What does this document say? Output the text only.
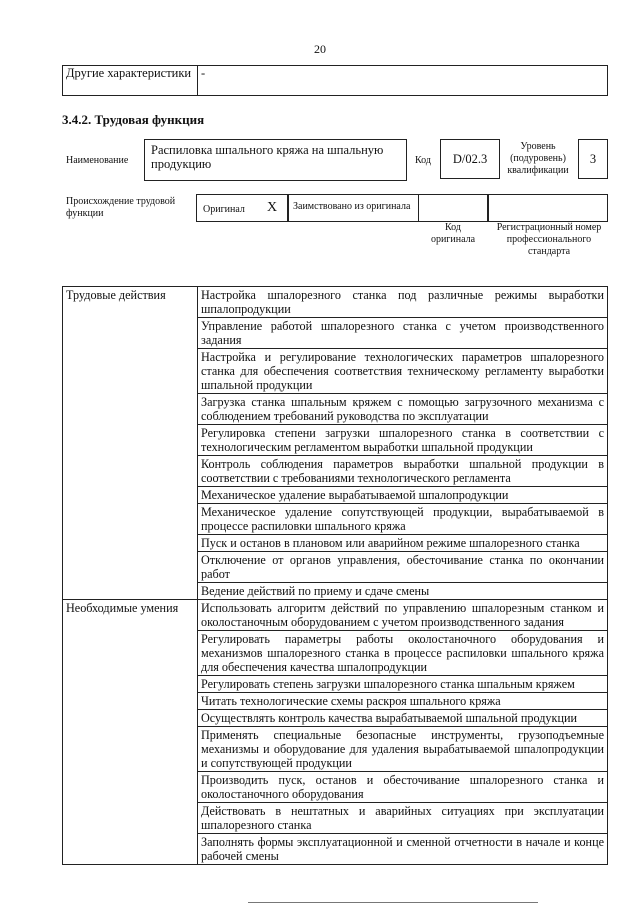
20
Другие характеристики	-
3.4.2. Трудовая функция
Наименование
Распиловка шпального кряжа на шпальную продукцию	Код	D/02.3
Уровень (подуровень) квалификации
3
Происхождение трудовой функции	Оригинал X	Заимствовано из оригинала
Код оригинала
Регистрационный номер профессионального стандарта
Трудовые действия	Настройка шпалорезного станка под различные режимы выработки шпалопродукции
	Управление работой шпалорезного станка с учетом производственного задания
	Настройка и регулирование технологических параметров шпалорезного станка для обеспечения соответствия техническому регламенту выработки шпальной продукции
	Загрузка станка шпальным кряжем с помощью загрузочного механизма с соблюдением требований руководства по эксплуатации
	Регулировка степени загрузки шпалорезного станка в соответствии с технологическим регламентом выработки шпальной продукции
	Контроль соблюдения параметров выработки шпальной продукции в соответствии с требованиями технологического регламента
	Механическое удаление вырабатываемой шпалопродукции
	Механическое удаление сопутствующей продукции, вырабатываемой в процессе распиловки шпального кряжа
	Пуск и останов в плановом или аварийном режиме шпалорезного станка
	Отключение от органов управления, обесточивание станка по окончании работ
	Ведение действий по приему и сдаче смены
Необходимые умения	Использовать алгоритм действий по управлению шпалорезным станком и околостаночным оборудованием с учетом производственного задания
	Регулировать параметры работы околостаночного оборудования и механизмов шпалорезного станка в процессе распиловки шпального кряжа для обеспечения качества шпалопродукции
	Регулировать степень загрузки шпалорезного станка шпальным кряжем
	Читать технологические схемы раскроя шпального кряжа
	Осуществлять контроль качества вырабатываемой шпальной продукции
	Применять специальные безопасные инструменты, грузоподъемные механизмы и оборудование для удаления вырабатываемой шпалопродукции и сопутствующей продукции
	Производить пуск, останов и обесточивание шпалорезного станка и околостаночного оборудования
	Действовать в нештатных и аварийных ситуациях при эксплуатации шпалорезного станка
	Заполнять формы эксплуатационной и сменной отчетности в начале и конце рабочей смены
